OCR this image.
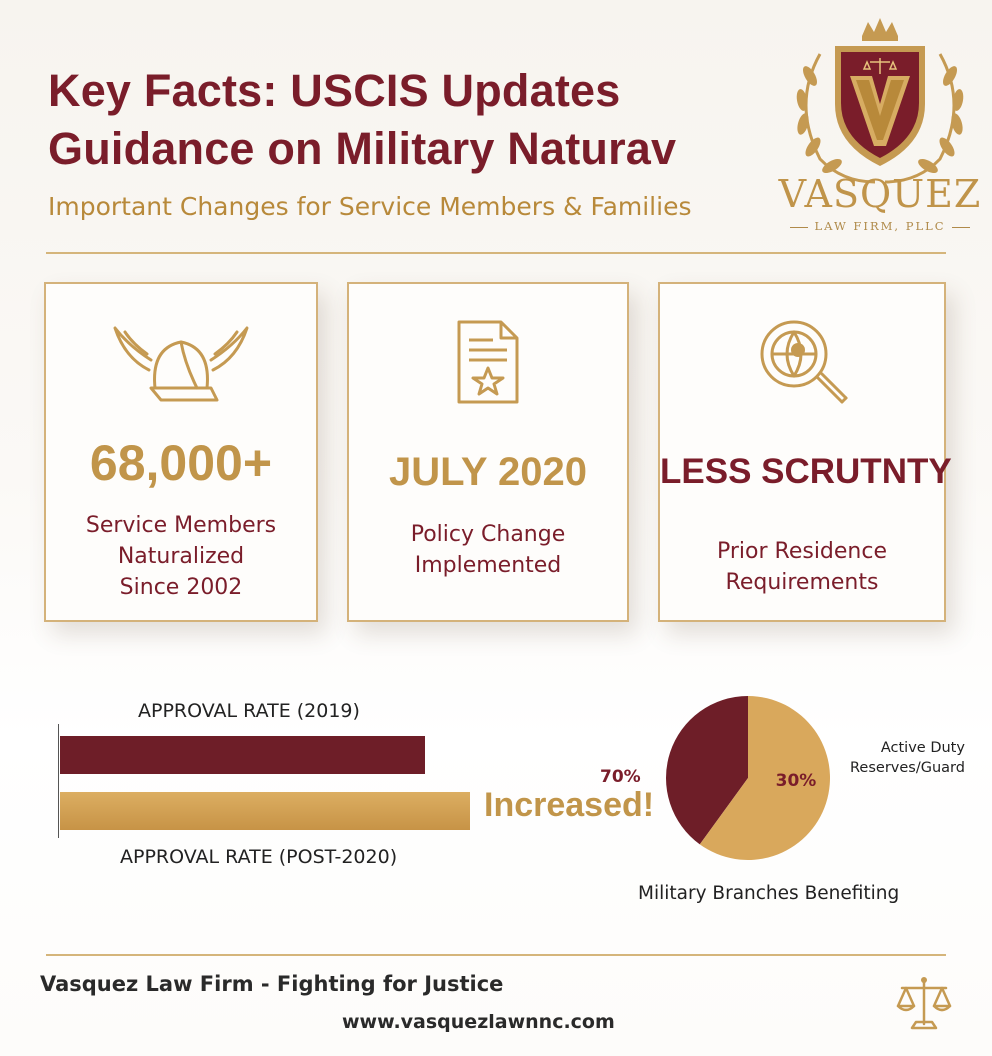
Key Facts: USCIS Updates
Guidance on Military Naturav
Important Changes for Service Members & Families	VASQUEZ
LAW FIRM, PLLC
68,000+
Service Members
Naturalized
Since 2002
JULY 2020
Policy Change
Implemented
LESS SCRUTNTY
Prior Residence
Requirements
APPROVAL RATE (2019)
APPROVAL RATE (POST-2020)
Increased!
70%	30%
Active Duty
Reserves/Guard
Military Branches Benefiting
Vasquez Law Firm - Fighting for Justice
www.vasquezlawnnc.com
